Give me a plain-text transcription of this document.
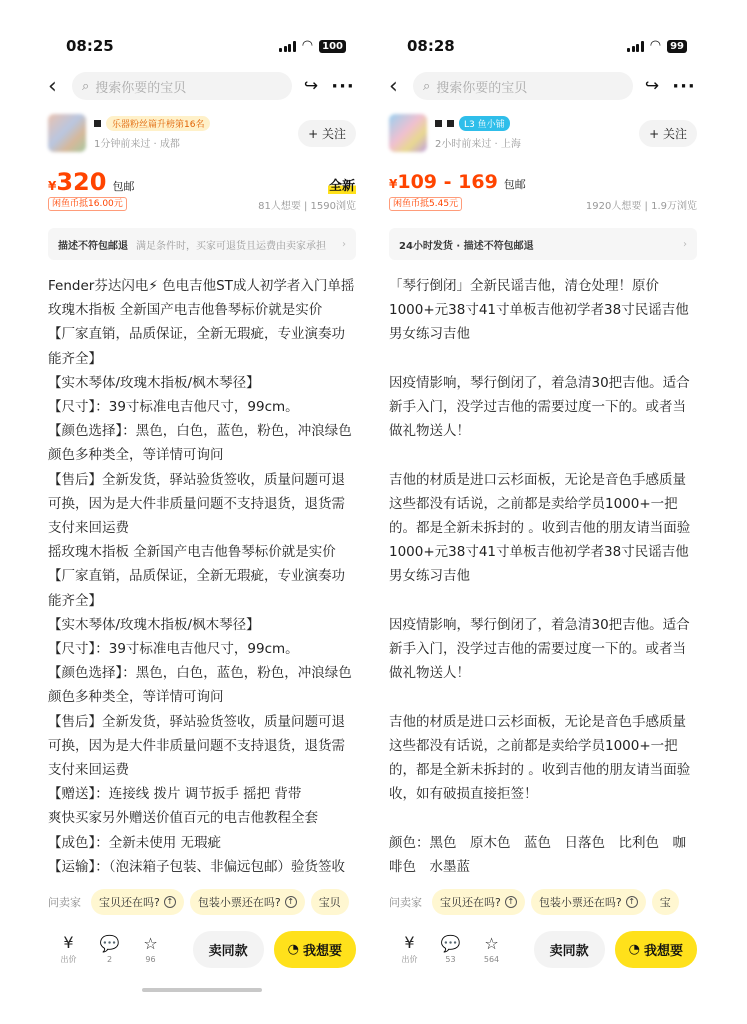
08:25	◠ 100
‹	⌕ 搜索你要的宝贝	↪ ···
乐器粉丝篇升榜第16名
1分钟前来过 · 成都
+ 关注
¥ 320 包邮	全新
闲鱼币抵16.00元	81人想要 | 1590浏览
描述不符包邮退 满足条件时，买家可退货且运费由卖家承担	›

Fender芬达闪电⚡ 色电吉他ST成人初学者入门单摇玫瑰木指板 全新国产电吉他鲁琴标价就是实价

【厂家直销，品质保证，全新无瑕疵，专业演奏功能齐全】

【实木琴体/玫瑰木指板/枫木琴径】

【尺寸】：39寸标准电吉他尺寸，99cm。

【颜色选择】：黑色，白色，蓝色，粉色，冲浪绿色颜色多种类全，等详情可询问

【售后】全新发货，驿站验货签收，质量问题可退可换，因为是大件非质量问题不支持退货，退货需支付来回运费

摇玫瑰木指板 全新国产电吉他鲁琴标价就是实价

【厂家直销，品质保证，全新无瑕疵，专业演奏功能齐全】

【实木琴体/玫瑰木指板/枫木琴径】

【尺寸】：39寸标准电吉他尺寸，99cm。

【颜色选择】：黑色，白色，蓝色，粉色，冲浪绿色颜色多种类全，等详情可询问

【售后】全新发货，驿站验货签收，质量问题可退可换，因为是大件非质量问题不支持退货，退货需支付来回运费

【赠送】：连接线 拨片 调节扳手 摇把 背带

爽快买家另外赠送价值百元的电吉他教程全套

【成色】：全新未使用 无瑕疵

【运输】：（泡沫箱子包装、非偏远包邮）验货签收

问卖家 宝贝还在吗? ↑ 包装小票还在吗? ↑ 宝贝
¥
出价
💬
2
☆
96
卖同款	◔ 我想要
08:28	◠ 99
‹	⌕ 搜索你要的宝贝	↪ ···
L3 鱼小铺
2小时前来过 · 上海
+ 关注
¥ 109 - 169 包邮
闲鱼币抵5.45元	1920人想要 | 1.9万浏览
24小时发货 · 描述不符包邮退	›

「琴行倒闭」全新民谣吉他，清仓处理！原价1000+元38寸41寸单板吉他初学者38寸民谣吉他男女练习吉他

因疫情影响，琴行倒闭了，着急清30把吉他。适合新手入门，没学过吉他的需要过度一下的。或者当做礼物送人！

吉他的材质是进口云杉面板，无论是音色手感质量这些都没有话说，之前都是卖给学员1000+一把的。都是全新未拆封的 。收到吉他的朋友请当面验1000+元38寸41寸单板吉他初学者38寸民谣吉他男女练习吉他

因疫情影响，琴行倒闭了，着急清30把吉他。适合新手入门，没学过吉他的需要过度一下的。或者当做礼物送人！

吉他的材质是进口云杉面板，无论是音色手感质量这些都没有话说，之前都是卖给学员1000+一把的，都是全新未拆封的 。收到吉他的朋友请当面验收，如有破损直接拒签！

颜色：黑色　原木色　蓝色　日落色　比利色　咖啡色　水墨蓝

问卖家 宝贝还在吗? ↑ 包装小票还在吗? ↑ 宝
¥
出价
💬
53
☆
564
卖同款	◔ 我想要
